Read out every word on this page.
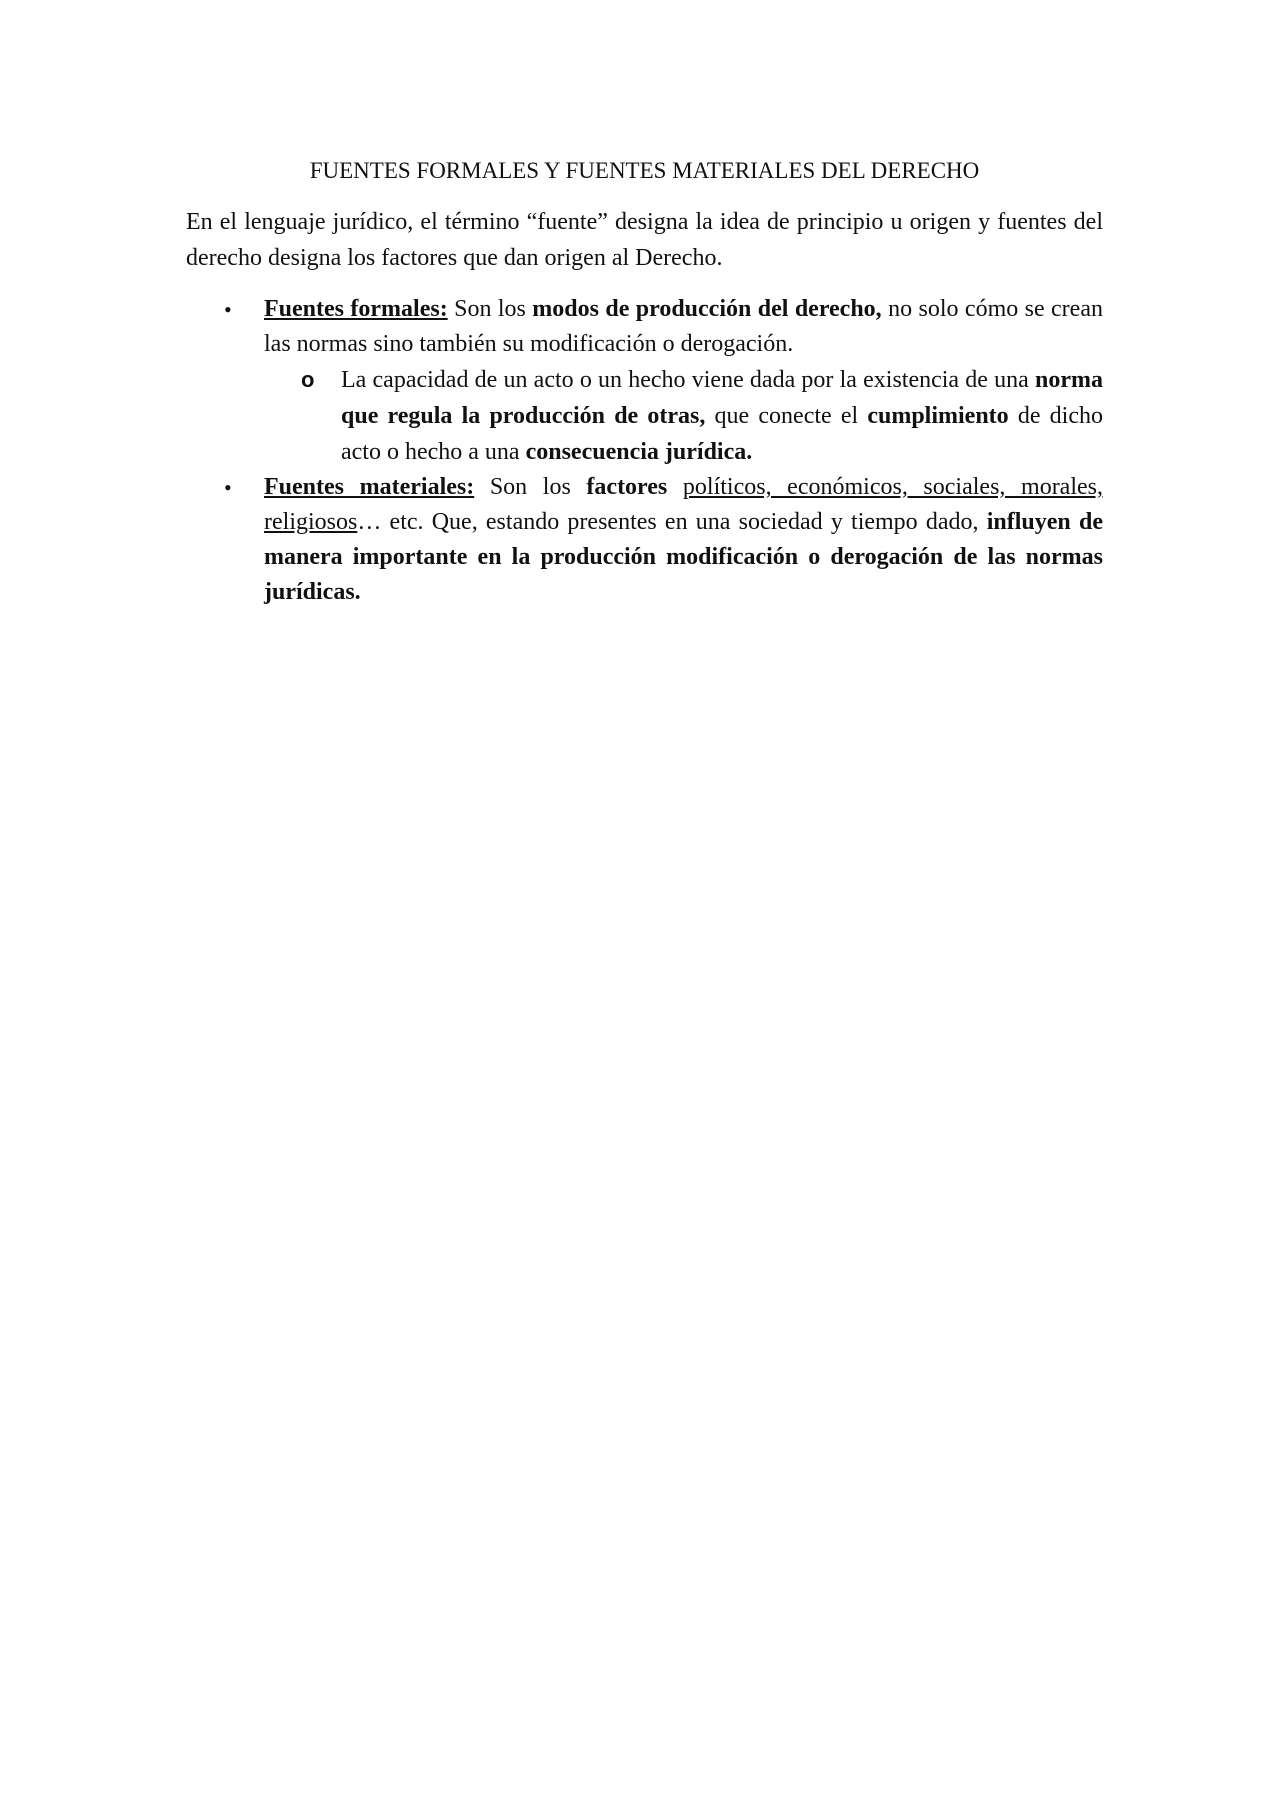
FUENTES FORMALES Y FUENTES MATERIALES DEL DERECHO
En el lenguaje jurídico, el término “fuente” designa la idea de principio u origen y fuentes del derecho designa los factores que dan origen al Derecho.
• Fuentes formales: Son los modos de producción del derecho, no solo cómo se crean las normas sino también su modificación o derogación.
o La capacidad de un acto o un hecho viene dada por la existencia de una norma que regula la producción de otras, que conecte el cumplimiento de dicho acto o hecho a una consecuencia jurídica.
• Fuentes materiales: Son los factores políticos, económicos, sociales, morales, religiosos… etc. Que, estando presentes en una sociedad y tiempo dado, influyen de manera importante en la producción modificación o derogación de las normas jurídicas.
